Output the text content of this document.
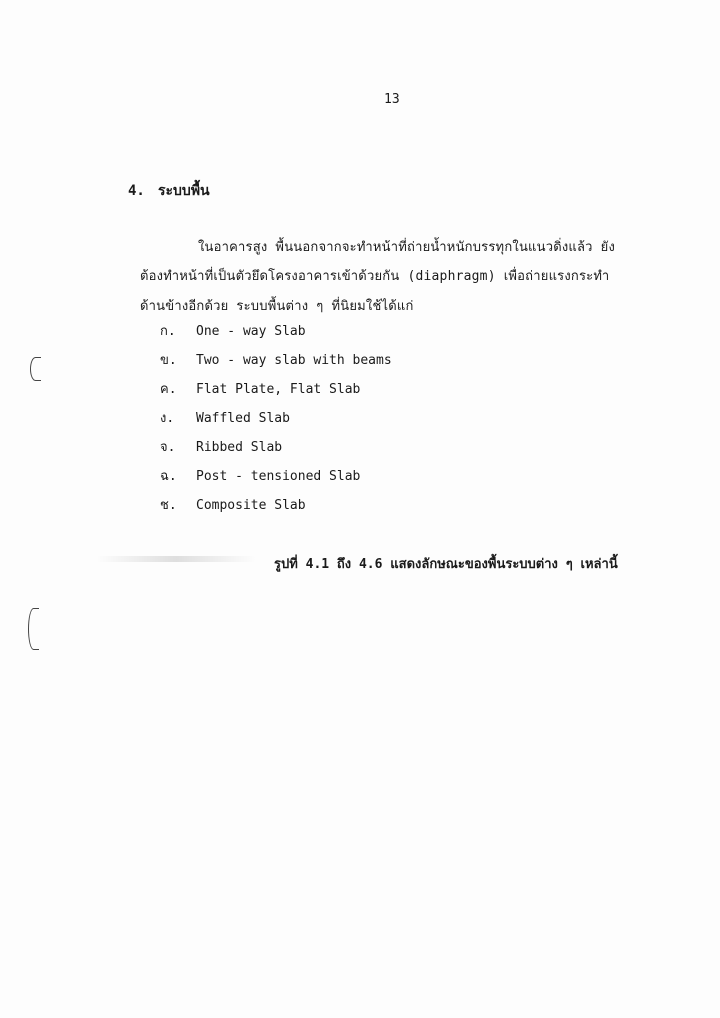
13
4. ระบบพื้น
ในอาคารสูง พื้นนอกจากจะทำหน้าที่ถ่ายน้ำหนักบรรทุกในแนวดิ่งแล้ว ยัง
ต้องทำหน้าที่เป็นตัวยึดโครงอาคารเข้าด้วยกัน (diaphragm) เพื่อถ่ายแรงกระทำ
ด้านข้างอีกด้วย ระบบพื้นต่าง ๆ ที่นิยมใช้ได้แก่
ก. One - way Slab
ข. Two - way slab with beams
ค. Flat Plate, Flat Slab
ง. Waffled Slab
จ. Ribbed Slab
ฉ. Post - tensioned Slab
ช. Composite Slab
รูปที่ 4.1 ถึง 4.6 แสดงลักษณะของพื้นระบบต่าง ๆ เหล่านี้
